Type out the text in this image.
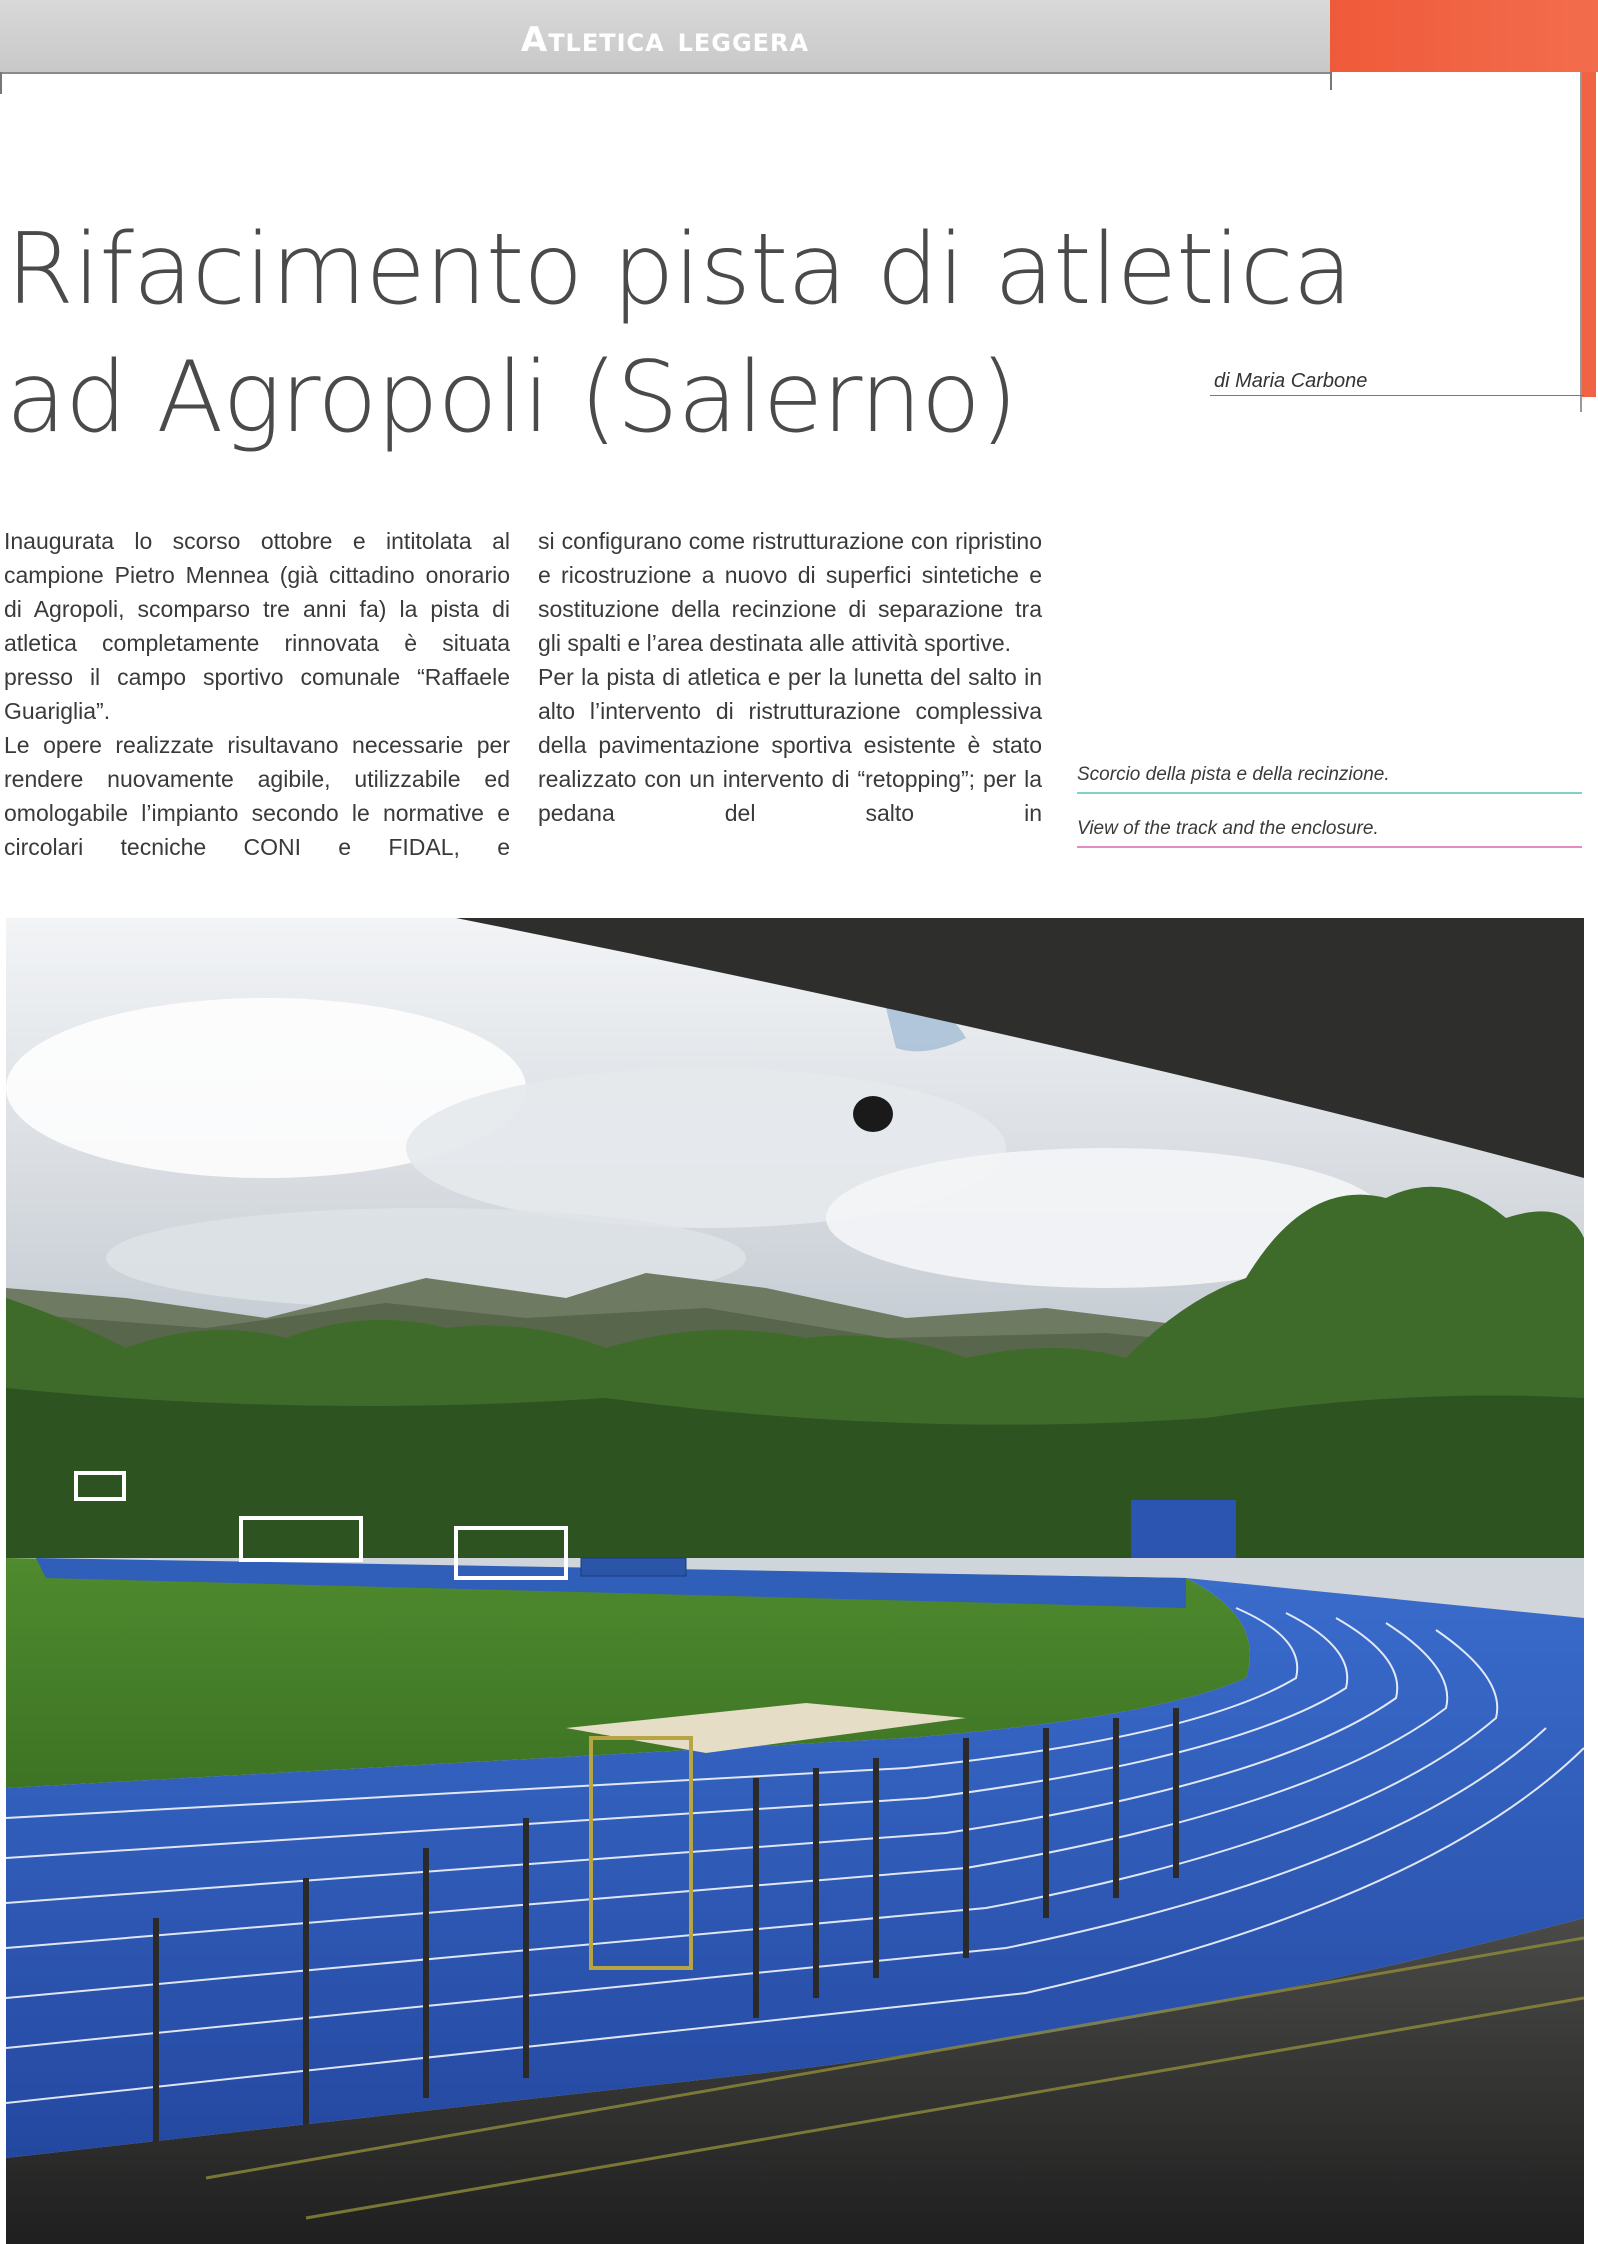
Atletica leggera
Rifacimento pista di atletica
ad Agropoli (Salerno)	di Maria Carbone

Inaugurata lo scorso ottobre e intitolata al campione Pietro Mennea (già cittadino onorario di Agropoli, scomparso tre anni fa) la pista di atletica completamente rinnovata è situata presso il campo sportivo comunale “Raffaele Guariglia”.

Le opere realizzate risultavano necessarie per rendere nuovamente agibile, utilizzabile ed omologabile l’impianto secondo le normative e circolari tecniche CONI e FIDAL, e

si configurano come ristrutturazione con ripristino e ricostruzione a nuovo di superfici sintetiche e sostituzione della recinzione di separazione tra gli spalti e l’area destinata alle attività sportive.

Per la pista di atletica e per la lunetta del salto in alto l’intervento di ristrutturazione complessiva della pavimentazione sportiva esistente è stato realizzato con un intervento di “retopping”; per la pedana del salto in

Scorcio della pista e della recinzione.
View of the track and the enclosure.
